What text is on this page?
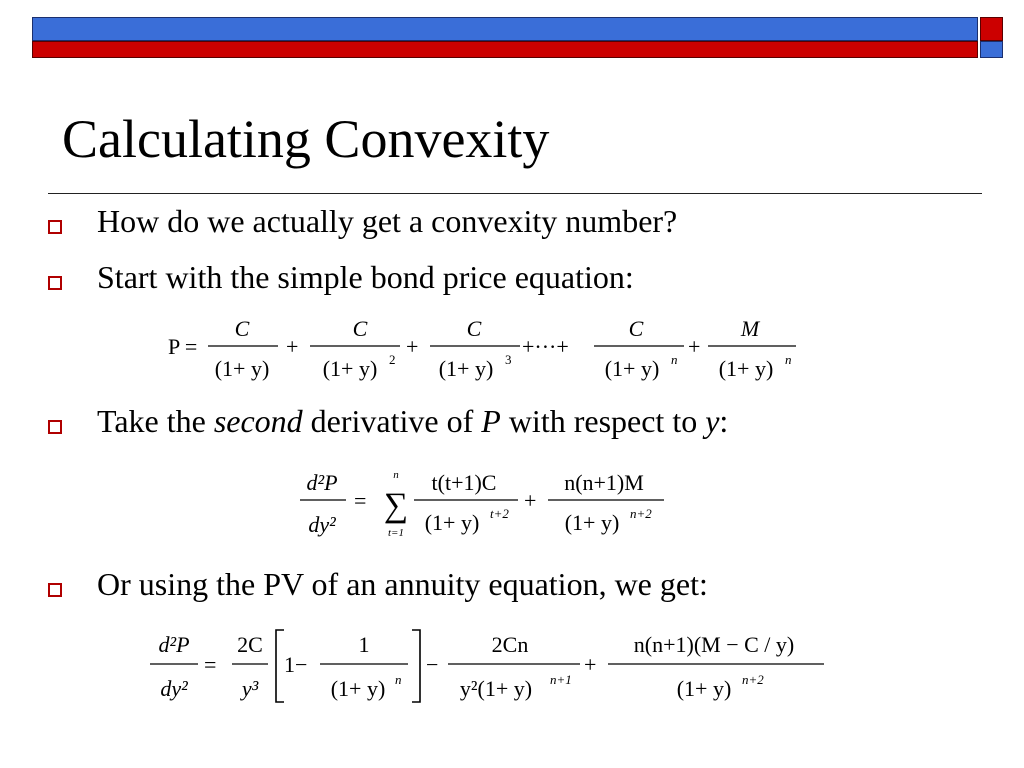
Calculating Convexity
How do we actually get a convexity number?
Start with the simple bond price equation:
P =
C
(1+ y)
+
C
(1+ y) 2
+
C
(1+ y) 3
+···+
C
(1+ y) n
+
M
(1+ y) n
Take the second derivative of P with respect to y:
d²P
dy²
=
n
∑
t=1
t(t+1)C
(1+ y) t+2
+
n(n+1)M
(1+ y) n+2
Or using the PV of an annuity equation, we get:
d²P
dy²
=
2C
y³
1−
1
(1+ y) n
−
2Cn
y²(1+ y) n+1
+
n(n+1)(M − C / y)
(1+ y) n+2
